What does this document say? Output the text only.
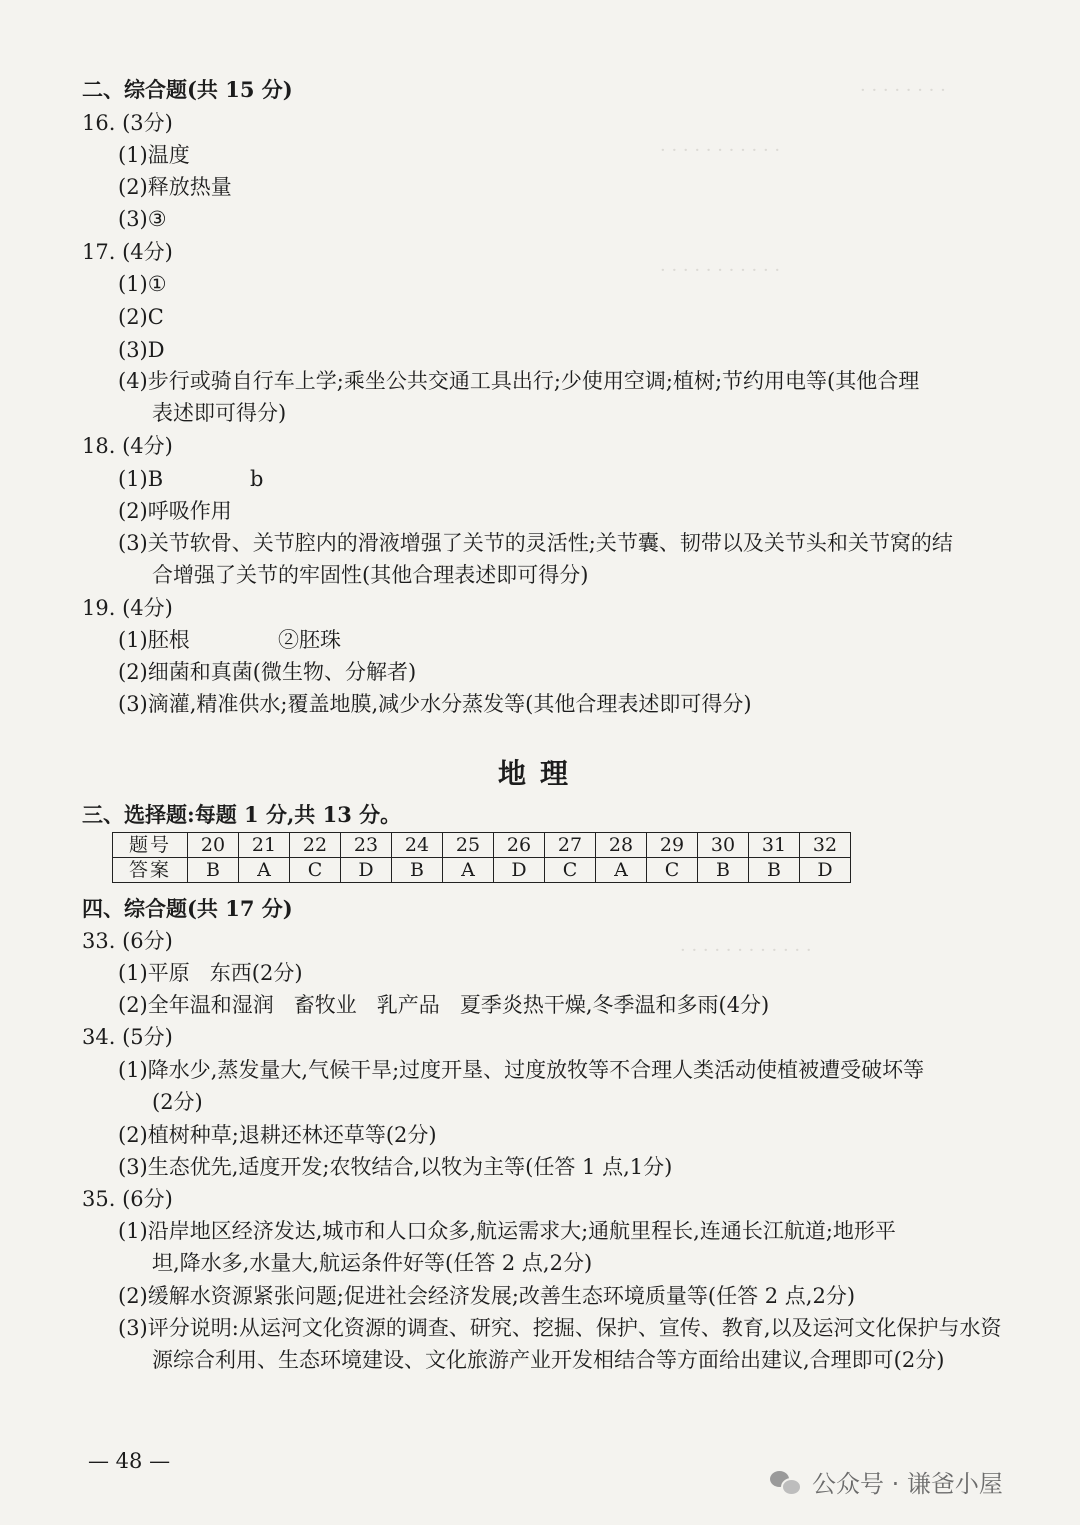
· · · · · · · ·
· · · · · · · · · · ·
· · · · · · · · · · ·
· · · · · · · · · · · ·
二、综合题(共 15 分)
16. (3分)
(1)温度
(2)释放热量
(3)③
17. (4分)
(1)①
(2)C
(3)D
(4)步行或骑自行车上学;乘坐公共交通工具出行;少使用空调;植树;节约用电等(其他合理
表述即可得分)
18. (4分)
(1)B	b
(2)呼吸作用
(3)关节软骨、关节腔内的滑液增强了关节的灵活性;关节囊、韧带以及关节头和关节窝的结
合增强了关节的牢固性(其他合理表述即可得分)
19. (4分)
(1)胚根	②胚珠
(2)细菌和真菌(微生物、分解者)
(3)滴灌,精准供水;覆盖地膜,减少水分蒸发等(其他合理表述即可得分)
地理
三、选择题:每题 1 分,共 13 分。
题号	20	21	22	23	24	25	26	27	28	29	30	31	32
答案	B	A	C	D	B	A	D	C	A	C	B	B	D
四、综合题(共 17 分)
33. (6分)
(1)平原   东西(2分)
(2)全年温和湿润   畜牧业   乳产品   夏季炎热干燥,冬季温和多雨(4分)
34. (5分)
(1)降水少,蒸发量大,气候干旱;过度开垦、过度放牧等不合理人类活动使植被遭受破坏等
(2分)
(2)植树种草;退耕还林还草等(2分)
(3)生态优先,适度开发;农牧结合,以牧为主等(任答 1 点,1分)
35. (6分)
(1)沿岸地区经济发达,城市和人口众多,航运需求大;通航里程长,连通长江航道;地形平
坦,降水多,水量大,航运条件好等(任答 2 点,2分)
(2)缓解水资源紧张问题;促进社会经济发展;改善生态环境质量等(任答 2 点,2分)
(3)评分说明:从运河文化资源的调查、研究、挖掘、保护、宣传、教育,以及运河文化保护与水资
源综合利用、生态环境建设、文化旅游产业开发相结合等方面给出建议,合理即可(2分)
— 48 —
公众号 · 谦爸小屋
